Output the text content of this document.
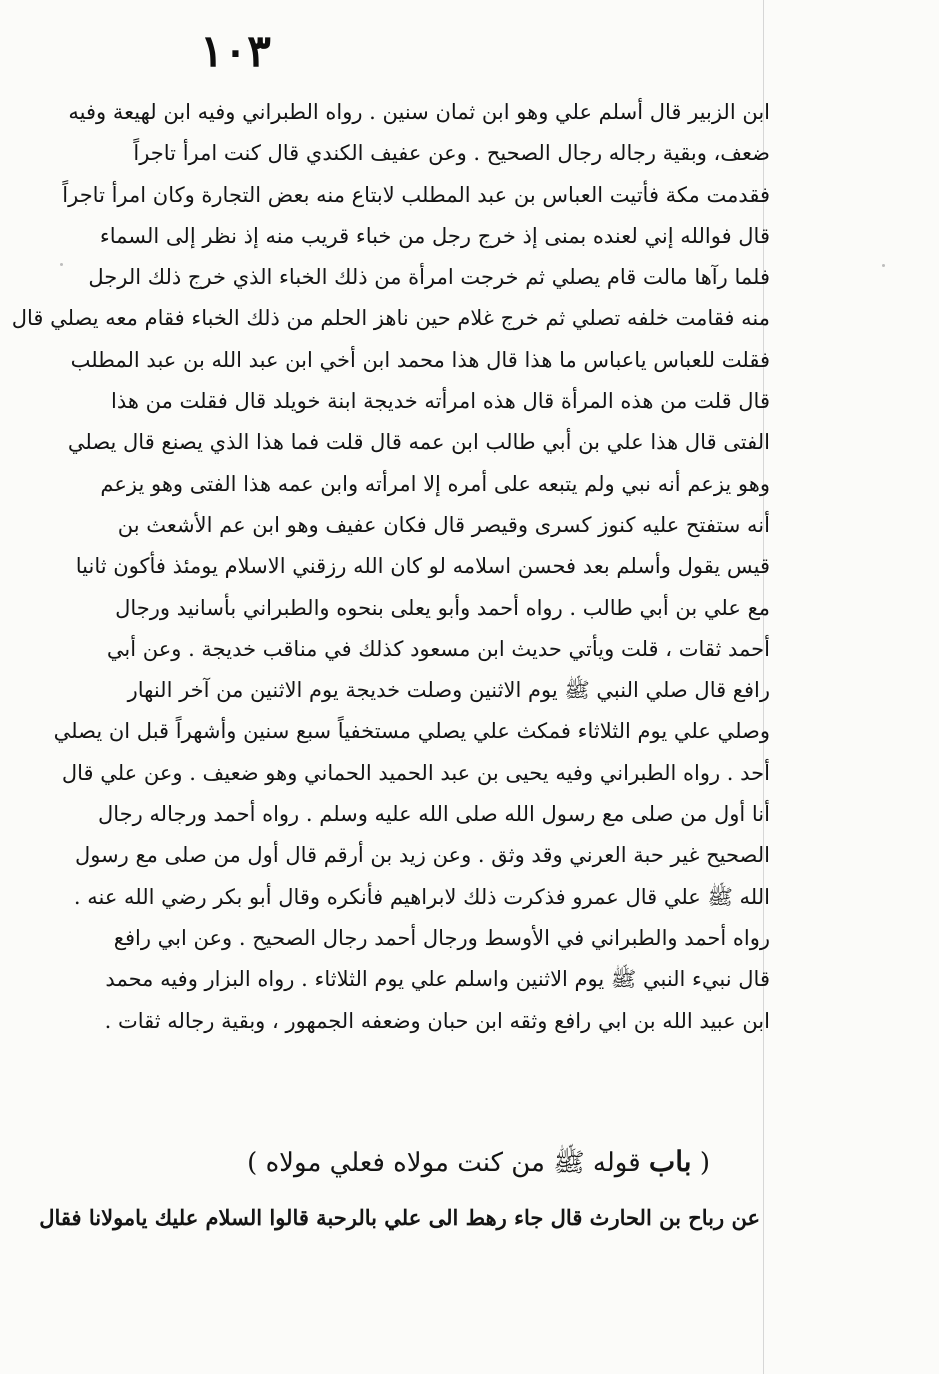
١٠٣
ابن الزبير قال أسلم علي وهو ابن ثمان سنين . رواه الطبراني وفيه ابن لهيعة وفيه
ضعف، وبقية رجاله رجال الصحيح . وعن عفيف الكندي قال كنت امرأ تاجراً
فقدمت مكة فأتيت العباس بن عبد المطلب لابتاع منه بعض التجارة وكان امرأ تاجراً
قال فوالله إني لعنده بمنى إذ خرج رجل من خباء قريب منه إذ نظر إلى السماء
فلما رآها مالت قام يصلي ثم خرجت امرأة من ذلك الخباء الذي خرج ذلك الرجل
منه فقامت خلفه تصلي ثم خرج غلام حين ناهز الحلم من ذلك الخباء فقام معه يصلي قال
فقلت للعباس ياعباس ما هذا قال هذا محمد ابن أخي ابن عبد الله بن عبد المطلب
قال قلت من هذه المرأة قال هذه امرأته خديجة ابنة خويلد قال فقلت من هذا
الفتى قال هذا علي بن أبي طالب ابن عمه قال قلت فما هذا الذي يصنع قال يصلي
وهو يزعم أنه نبي ولم يتبعه على أمره إلا امرأته وابن عمه هذا الفتى وهو يزعم
أنه ستفتح عليه كنوز كسرى وقيصر قال فكان عفيف وهو ابن عم الأشعث بن
قيس يقول وأسلم بعد فحسن اسلامه لو كان الله رزقني الاسلام يومئذ فأكون ثانيا
مع علي بن أبي طالب . رواه أحمد وأبو يعلى بنحوه والطبراني بأسانيد ورجال
أحمد ثقات ، قلت ويأتي حديث ابن مسعود كذلك في مناقب خديجة . وعن أبي
رافع قال صلي النبي ﷺ يوم الاثنين وصلت خديجة يوم الاثنين من آخر النهار
وصلي علي يوم الثلاثاء فمكث علي يصلي مستخفياً سبع سنين وأشهراً قبل ان يصلي
أحد . رواه الطبراني وفيه يحيى بن عبد الحميد الحماني وهو ضعيف . وعن علي قال
أنا أول من صلى مع رسول الله صلى الله عليه وسلم . رواه أحمد ورجاله رجال
الصحيح غير حبة العرني وقد وثق . وعن زيد بن أرقم قال أول من صلى مع رسول
الله ﷺ علي قال عمرو فذكرت ذلك لابراهيم فأنكره وقال أبو بكر رضي الله عنه .
رواه أحمد والطبراني في الأوسط ورجال أحمد رجال الصحيح . وعن ابي رافع
قال نبيء النبي ﷺ يوم الاثنين واسلم علي يوم الثلاثاء . رواه البزار وفيه محمد
ابن عبيد الله بن ابي رافع وثقه ابن حبان وضعفه الجمهور ، وبقية رجاله ثقات .
( باب قوله ﷺ من كنت مولاه فعلي مولاه )
عن رباح بن الحارث قال جاء رهط الى علي بالرحبة قالوا السلام عليك يامولانا فقال
